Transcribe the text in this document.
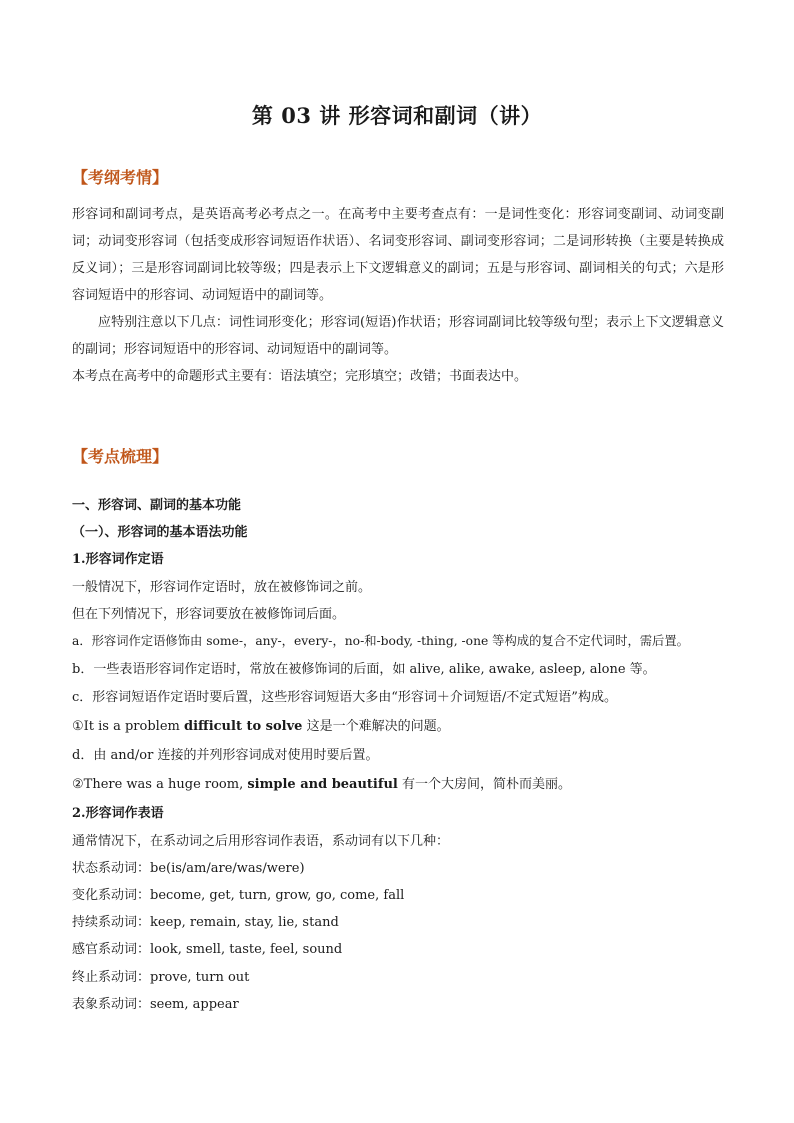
第 03 讲 形容词和副词（讲）
【考纲考情】

形容词和副词考点，是英语高考必考点之一。在高考中主要考查点有：一是词性变化：形容词变副词、动词变副词；动词变形容词（包括变成形容词短语作状语）、名词变形容词、副词变形容词；二是词形转换（主要是转换成反义词）；三是形容词副词比较等级；四是表示上下文逻辑意义的副词；五是与形容词、副词相关的句式；六是形容词短语中的形容词、动词短语中的副词等。

应特别注意以下几点：词性词形变化；形容词(短语)作状语；形容词副词比较等级句型；表示上下文逻辑意义的副词；形容词短语中的形容词、动词短语中的副词等。

本考点在高考中的命题形式主要有：语法填空；完形填空；改错；书面表达中。

【考点梳理】
一、形容词、副词的基本功能
（一）、形容词的基本语法功能
1.形容词作定语
一般情况下，形容词作定语时，放在被修饰词之前。
但在下列情况下，形容词要放在被修饰词后面。
a．形容词作定语修饰由 some-，any-，every-，no-和-body, -thing, -one 等构成的复合不定代词时，需后置。
b．一些表语形容词作定语时，常放在被修饰词的后面，如 alive, alike, awake, asleep, alone 等。
c．形容词短语作定语时要后置，这些形容词短语大多由“形容词＋介词短语/不定式短语”构成。
①It is a problem difficult to solve 这是一个难解决的问题。
d．由 and/or 连接的并列形容词成对使用时要后置。
②There was a huge room, simple and beautiful 有一个大房间，简朴而美丽。
2.形容词作表语
通常情况下，在系动词之后用形容词作表语，系动词有以下几种：
状态系动词：be(is/am/are/was/were)
变化系动词：become, get, turn, grow, go, come, fall
持续系动词：keep, remain, stay, lie, stand
感官系动词：look, smell, taste, feel, sound
终止系动词：prove, turn out
表象系动词：seem, appear
